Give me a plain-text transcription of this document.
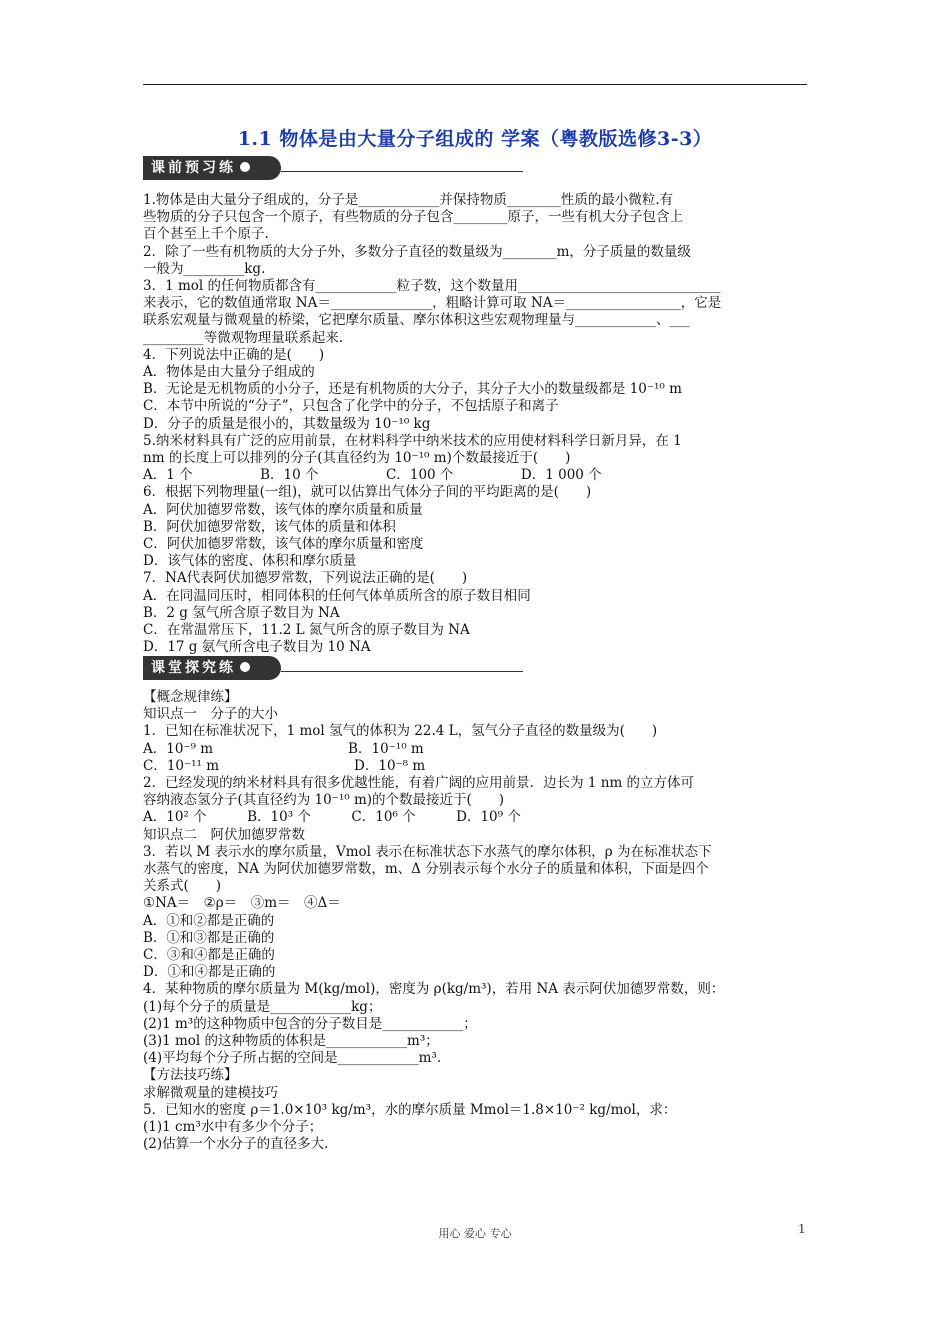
1.1 物体是由大量分子组成的 学案（粤教版选修3-3）
课前预习练

1.物体是由大量分子组成的，分子是____________并保持物质________性质的最小微粒.有

些物质的分子只包含一个原子，有些物质的分子包含________原子，一些有机大分子包含上

百个甚至上千个原子.

2．除了一些有机物质的大分子外，多数分子直径的数量级为________m，分子质量的数量级

一般为_________kg.

3．1 mol 的任何物质都含有____________粒子数，这个数量用______________________________

来表示，它的数值通常取 NA＝_______________，粗略计算可取 NA＝_________________，它是

联系宏观量与微观量的桥梁，它把摩尔质量、摩尔体积这些宏观物理量与____________、___

_________等微观物理量联系起来.

4．下列说法中正确的是(　　)

A．物体是由大量分子组成的

B．无论是无机物质的小分子，还是有机物质的大分子，其分子大小的数量级都是 10⁻¹⁰ m

C．本节中所说的“分子”，只包含了化学中的分子，不包括原子和离子

D．分子的质量是很小的，其数量级为 10⁻¹⁰ kg

5.纳米材料具有广泛的应用前景，在材料科学中纳米技术的应用使材料科学日新月异，在 1

nm 的长度上可以排列的分子(其直径约为 10⁻¹⁰ m)个数最接近于(　　)

A．1 个　　　　　B．10 个　　　　　C．100 个　　　　　D．1 000 个

6．根据下列物理量(一组)，就可以估算出气体分子间的平均距离的是(　　)

A．阿伏加德罗常数，该气体的摩尔质量和质量

B．阿伏加德罗常数，该气体的质量和体积

C．阿伏加德罗常数，该气体的摩尔质量和密度

D．该气体的密度、体积和摩尔质量

7．NA代表阿伏加德罗常数，下列说法正确的是(　　)

A．在同温同压时，相同体积的任何气体单质所含的原子数目相同

B．2 g 氢气所含原子数目为 NA

C．在常温常压下，11.2 L 氮气所含的原子数目为 NA

D．17 g 氨气所含电子数目为 10 NA

课堂探究练

【概念规律练】

知识点一　分子的大小

1．已知在标准状况下，1 mol 氢气的体积为 22.4 L，氢气分子直径的数量级为(　　)

A．10⁻⁹ m　　　　　　　　　　B．10⁻¹⁰ m

C．10⁻¹¹ m　　　　　　　　　　D．10⁻⁸ m

2．已经发现的纳米材料具有很多优越性能，有着广阔的应用前景．边长为 1 nm 的立方体可

容纳液态氢分子(其直径约为 10⁻¹⁰ m)的个数最接近于(　　)

A．10² 个　　　B．10³ 个　　　C．10⁶ 个　　　D．10⁹ 个

知识点二　阿伏加德罗常数

3．若以 M 表示水的摩尔质量，Vmol 表示在标准状态下水蒸气的摩尔体积，ρ 为在标准状态下

水蒸气的密度，NA 为阿伏加德罗常数，m、Δ 分别表示每个水分子的质量和体积，下面是四个

关系式(　　)

①NA＝　②ρ＝　③m＝　④Δ＝

A．①和②都是正确的

B．①和③都是正确的

C．③和④都是正确的

D．①和④都是正确的

4．某种物质的摩尔质量为 M(kg/mol)，密度为 ρ(kg/m³)，若用 NA 表示阿伏加德罗常数，则：

(1)每个分子的质量是____________kg；

(2)1 m³的这种物质中包含的分子数目是____________；

(3)1 mol 的这种物质的体积是____________m³；

(4)平均每个分子所占据的空间是____________m³.

【方法技巧练】

求解微观量的建模技巧

5．已知水的密度 ρ＝1.0×10³ kg/m³，水的摩尔质量 Mmol＝1.8×10⁻² kg/mol，求：

(1)1 cm³水中有多少个分子；

(2)估算一个水分子的直径多大.

用心 爱心 专心	1
